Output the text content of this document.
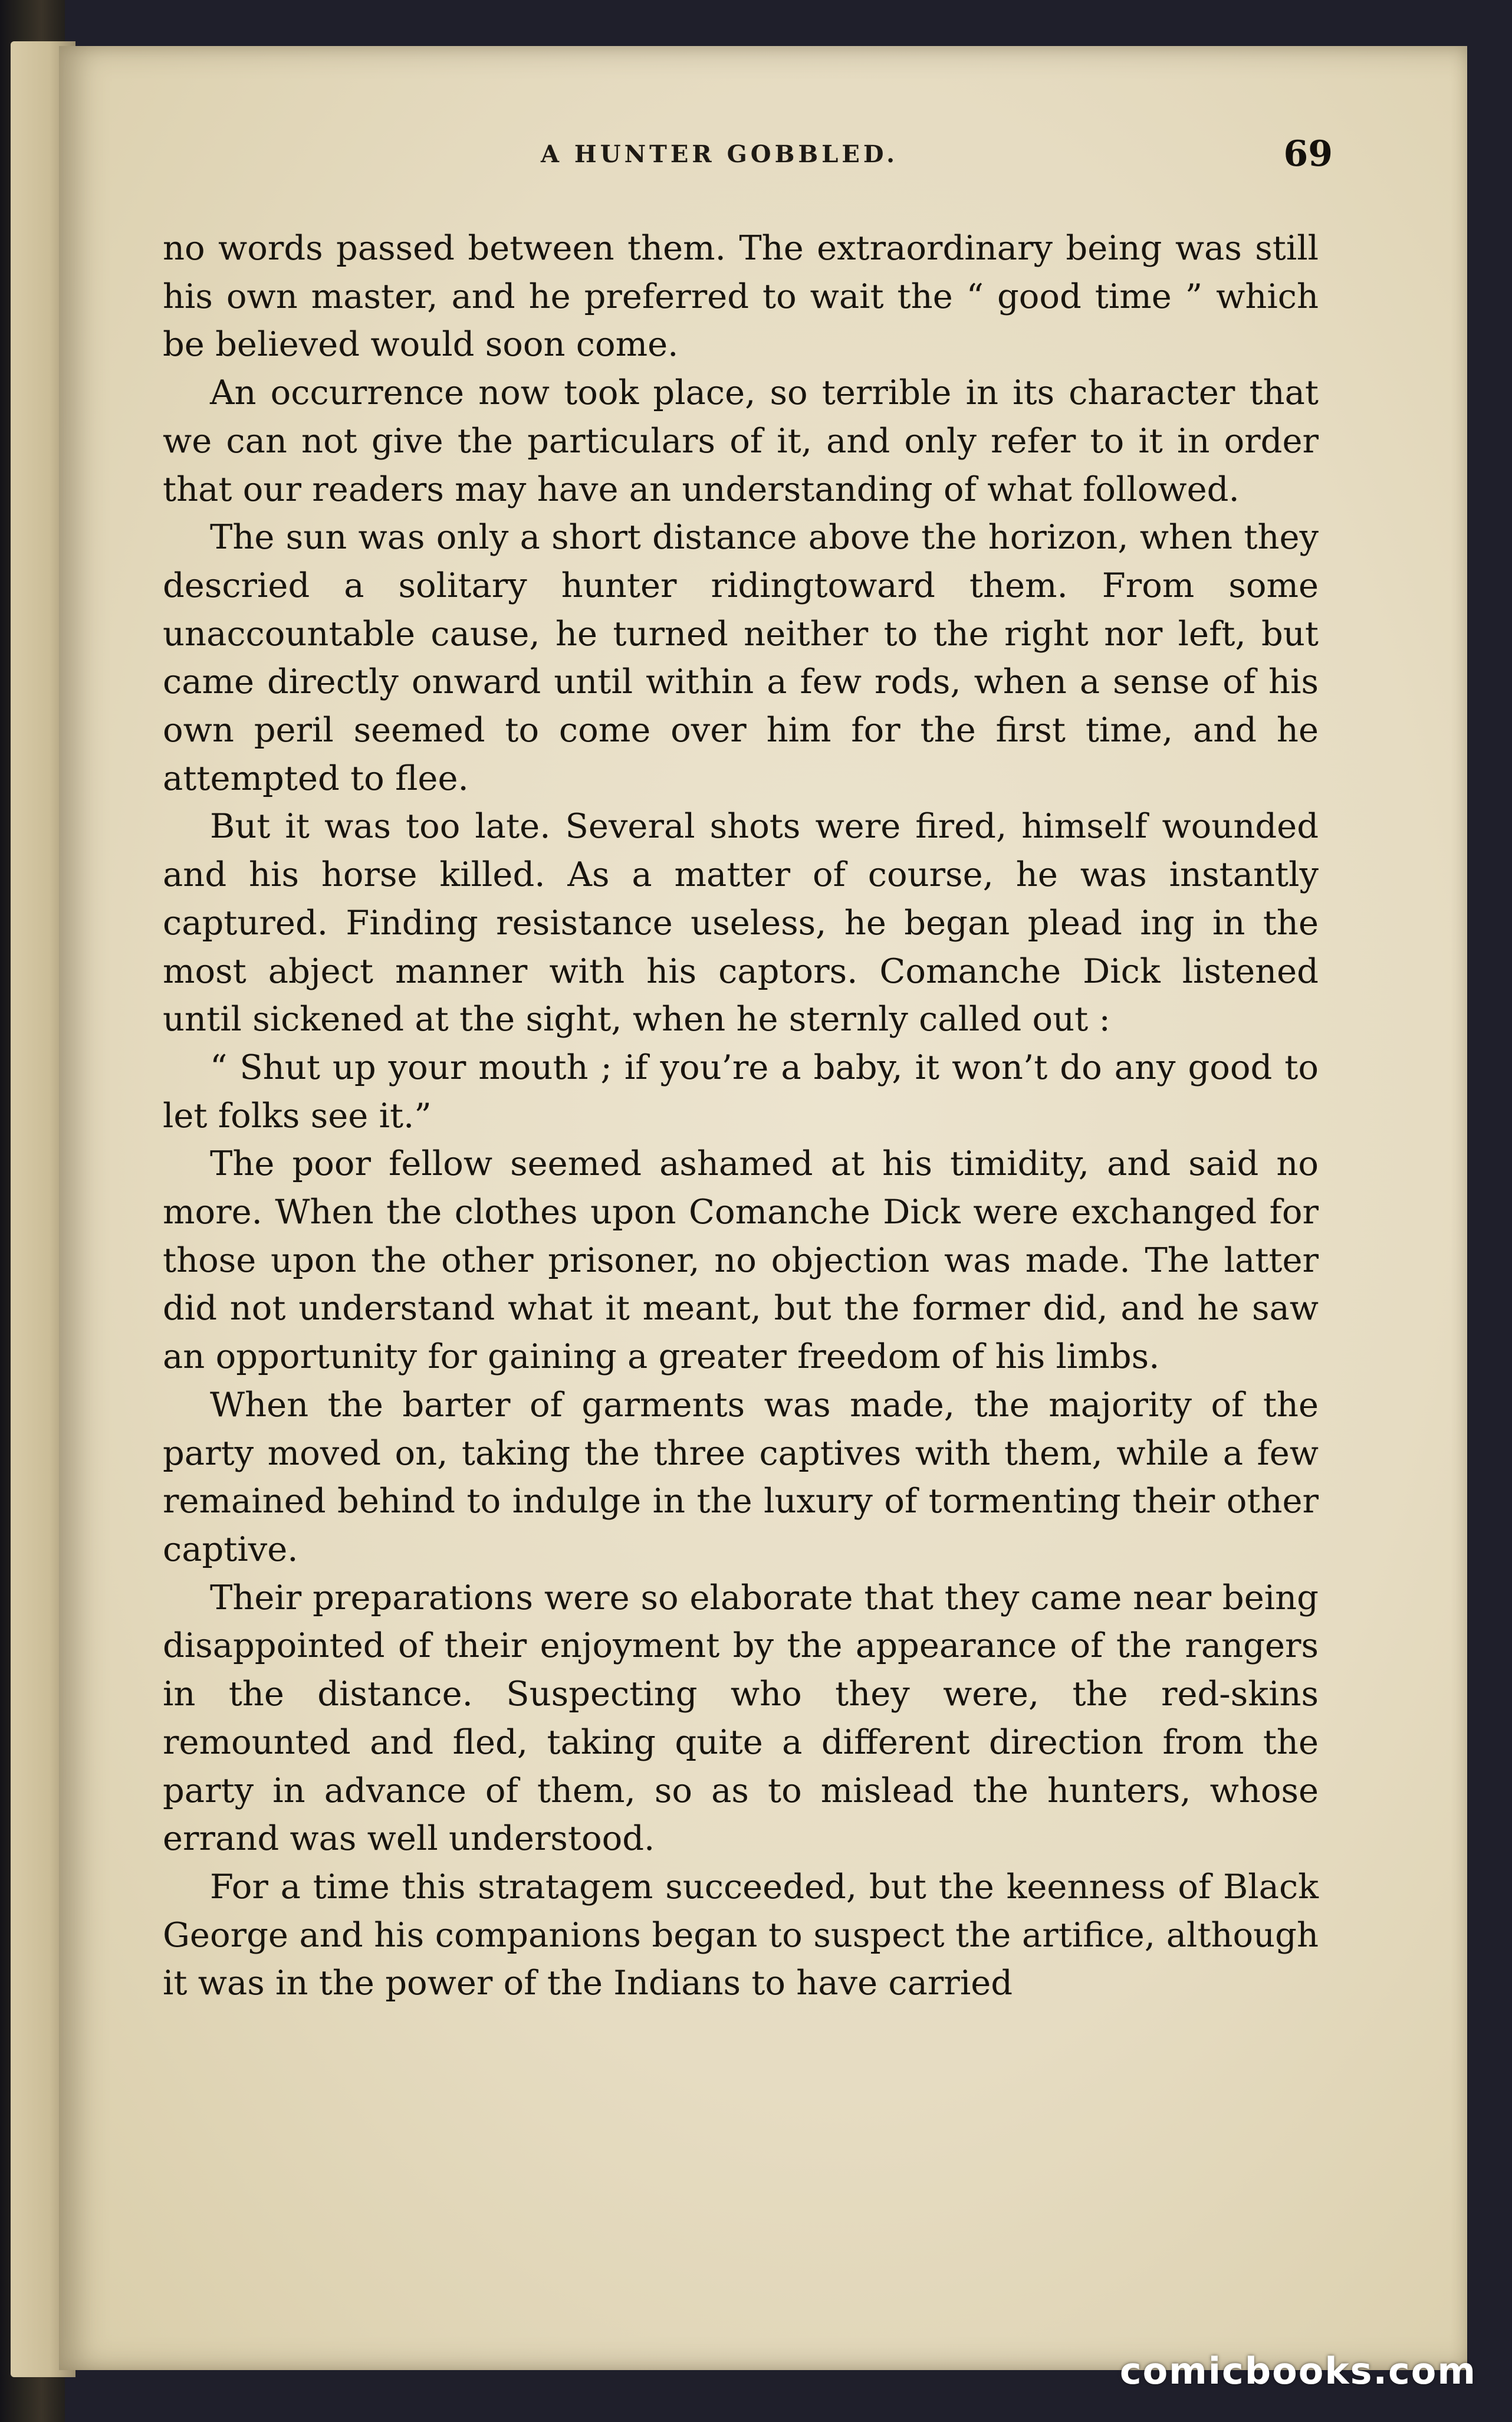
A HUNTER GOBBLED.	69

no words passed between them. The extraordinary being was still his own master, and he preferred to wait the “ good time ” which be believed would soon come.

An occurrence now took place, so terrible in its character that we can not give the particulars of it, and only refer to it in order that our readers may have an understanding of what followed.

The sun was only a short distance above the horizon, when they descried a solitary hunter ridingtoward them. From some unaccountable cause, he turned neither to the right nor left, but came directly onward until within a few rods, when a sense of his own peril seemed to come over him for the first time, and he attempted to flee.

But it was too late. Several shots were fired, himself wounded and his horse killed. As a matter of course, he was instantly captured. Finding resistance useless, he began plead ing in the most abject manner with his captors. Comanche Dick listened until sickened at the sight, when he sternly called out :

“ Shut up your mouth ; if you’re a baby, it won’t do any good to let folks see it.”

The poor fellow seemed ashamed at his timidity, and said no more. When the clothes upon Comanche Dick were exchanged for those upon the other prisoner, no objection was made. The latter did not understand what it meant, but the former did, and he saw an opportunity for gaining a greater freedom of his limbs.

When the barter of garments was made, the majority of the party moved on, taking the three captives with them, while a few remained behind to indulge in the luxury of tormenting their other captive.

Their preparations were so elaborate that they came near being disappointed of their enjoyment by the appearance of the rangers in the distance. Suspecting who they were, the red-skins remounted and fled, taking quite a different direction from the party in advance of them, so as to mislead the hunters, whose errand was well understood.

For a time this stratagem succeeded, but the keenness of Black George and his companions began to suspect the artifice, although it was in the power of the Indians to have carried

comicbooks.com
